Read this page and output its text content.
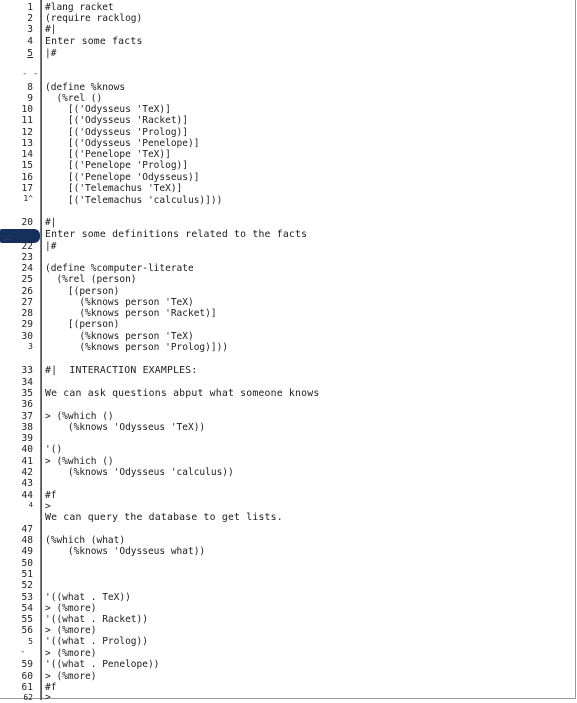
- -
⌐
-
1
2
3
4
5
8
9
10
11
12
13
14
15
16
17
1^
20
22
23
24
25
26
27
28
29
30
3
33
34
35
36
37
38
39
40
41
42
43
44
4
47
48
49
50
51
52
53
54
55
56
5
59
60
61
62
#lang racket
(require racklog)
#|
Enter some facts
|#
(define %knows
(%rel ()
[('Odysseus 'TeX)]
[('Odysseus 'Racket)]
[('Odysseus 'Prolog)]
[('Odysseus 'Penelope)]
[('Penelope 'TeX)]
[('Penelope 'Prolog)]
[('Penelope 'Odysseus)]
[('Telemachus 'TeX)]
[('Telemachus 'calculus)]))
#|
Enter some definitions related to the facts
|#
(define %computer-literate
(%rel (person)
[(person)
(%knows person 'TeX)
(%knows person 'Racket)]
[(person)
(%knows person 'TeX)
(%knows person 'Prolog)]))
#|  INTERACTION EXAMPLES:
We can ask questions abput what someone knows
> (%which ()
(%knows 'Odysseus 'TeX))
'()
> (%which ()
(%knows 'Odysseus 'calculus))
#f
>
We can query the database to get lists.
(%which (what)
(%knows 'Odysseus what))
'((what . TeX))
> (%more)
'((what . Racket))
> (%more)
'((what . Prolog))
> (%more)
'((what . Penelope))
> (%more)
#f
>
